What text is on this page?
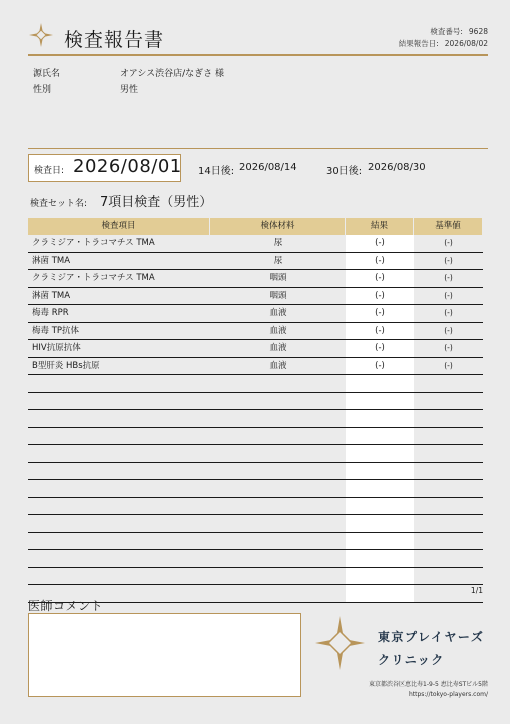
検査報告書	検査番号: 9628
結果報告日: 2026/08/02
源氏名	オアシス渋谷店/なぎさ 様
性別	男性
検査日: 2026/08/01 14日後: 2026/08/14	30日後: 2026/08/30
検査セット名: 7項目検査（男性）
検査項目	検体材料	結果	基準値
クラミジア・トラコマチス TMA	尿	(-)	(-)
淋菌 TMA	尿	(-)	(-)
クラミジア・トラコマチス TMA	咽頭	(-)	(-)
淋菌 TMA	咽頭	(-)	(-)
梅毒 RPR	血液	(-)	(-)
梅毒 TP抗体	血液	(-)	(-)
HIV抗原抗体	血液	(-)	(-)
B型肝炎 HBs抗原	血液	(-)	(-)
1/1
医師コメント
東京プレイヤーズ
クリニック
東京都渋谷区恵比寿1-9-5 恵比寿STビル5階
https://tokyo-players.com/
